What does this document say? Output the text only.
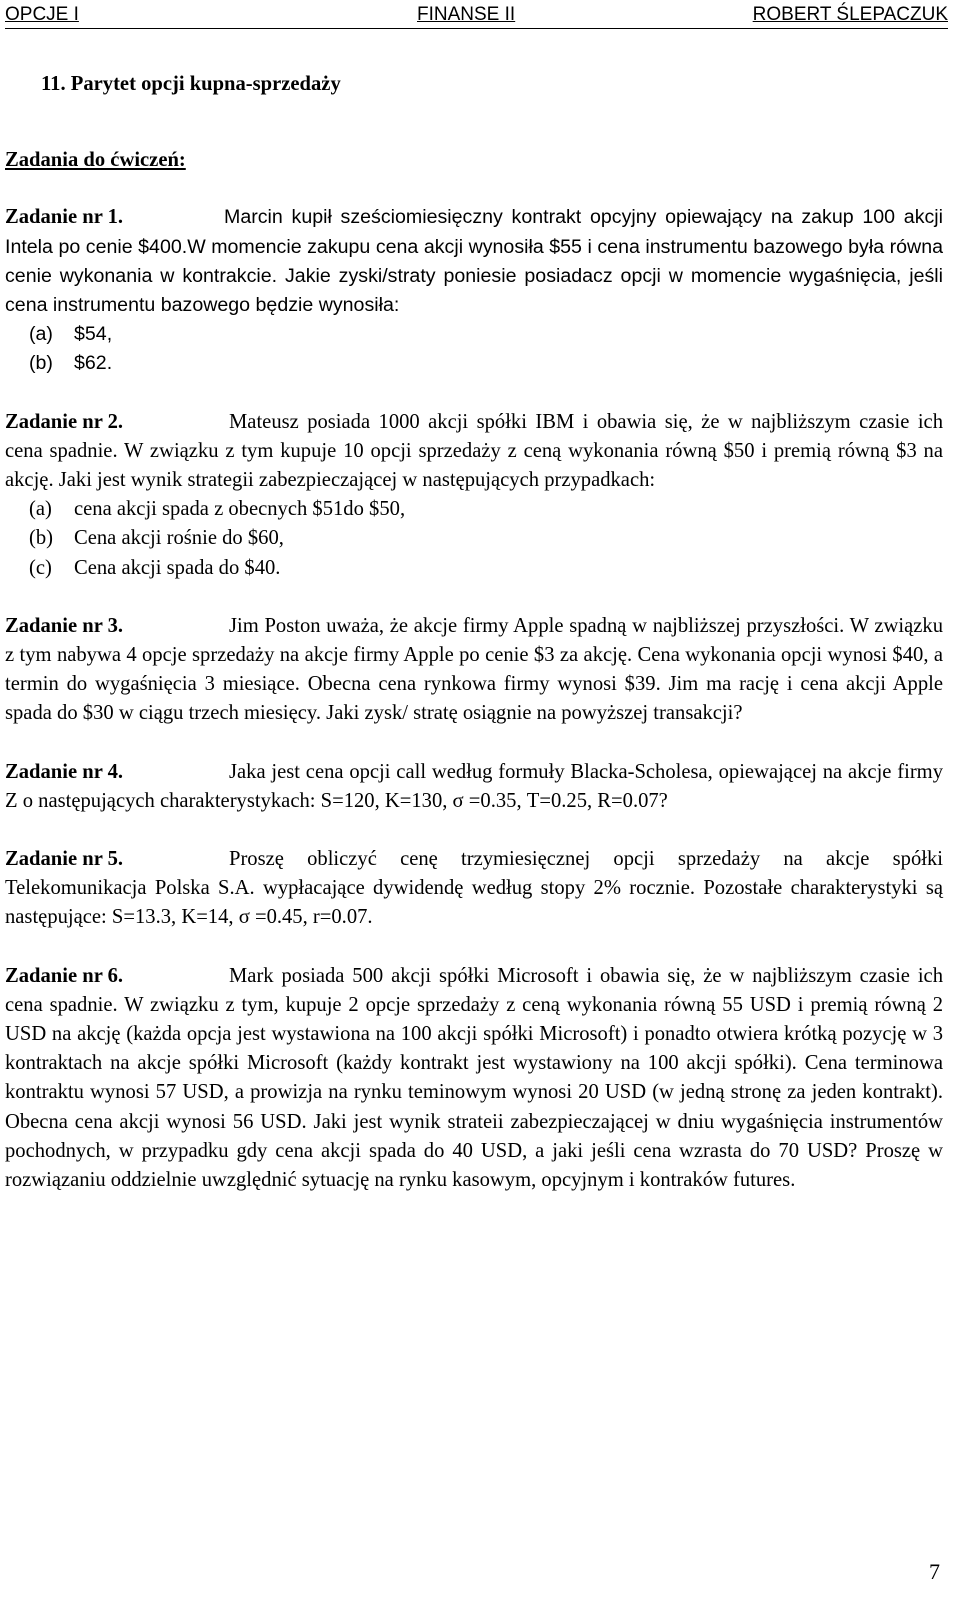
OPCJE I	FINANSE II	ROBERT ŚLEPACZUK
11. Parytet opcji kupna-sprzedaży
Zadania do ćwiczeń:
Zadanie nr 1.	Marcin kupił sześciomiesięczny kontrakt opcyjny opiewający na zakup 100 akcji Intela po cenie $400.W momencie zakupu cena akcji wynosiła $55 i cena instrumentu bazowego była równa cenie wykonania w kontrakcie. Jakie zyski/straty poniesie posiadacz opcji w momencie wygaśnięcia, jeśli cena instrumentu bazowego będzie wynosiła:
(a)	$54,
(b)	$62.
Zadanie nr 2.	Mateusz posiada 1000 akcji spółki IBM i obawia się, że w najbliższym czasie ich cena spadnie. W związku z tym kupuje 10 opcji sprzedaży z ceną wykonania równą $50 i premią równą $3 na akcję. Jaki jest wynik strategii zabezpieczającej w następujących przypadkach:
(a)	cena akcji spada z obecnych $51do $50,
(b)	Cena akcji rośnie do $60,
(c)	Cena akcji spada do $40.
Zadanie nr 3.	Jim Poston uważa, że akcje firmy Apple spadną w najbliższej przyszłości. W związku z tym nabywa 4 opcje sprzedaży na akcje firmy Apple po cenie $3 za akcję. Cena wykonania opcji wynosi $40, a termin do wygaśnięcia 3 miesiące. Obecna cena rynkowa firmy wynosi $39. Jim ma rację i cena akcji Apple spada do $30 w ciągu trzech miesięcy. Jaki zysk/ stratę osiągnie na powyższej transakcji?
Zadanie nr 4.	Jaka jest cena opcji call według formuły Blacka-Scholesa, opiewającej na akcje firmy Z o następujących charakterystykach: S=120, K=130, σ =0.35, T=0.25, R=0.07?
Zadanie nr 5.	Proszę obliczyć cenę trzymiesięcznej opcji sprzedaży na akcje spółki Telekomunikacja Polska S.A. wypłacające dywidendę według stopy 2% rocznie. Pozostałe charakterystyki są następujące: S=13.3, K=14, σ =0.45, r=0.07.
Zadanie nr 6.	Mark posiada 500 akcji spółki Microsoft i obawia się, że w najbliższym czasie ich cena spadnie. W związku z tym, kupuje 2 opcje sprzedaży z ceną wykonania równą 55 USD i premią równą 2 USD na akcję (każda opcja jest wystawiona na 100 akcji spółki Microsoft) i ponadto otwiera krótką pozycję w 3 kontraktach na akcje spółki Microsoft (każdy kontrakt jest wystawiony na 100 akcji spółki). Cena terminowa kontraktu wynosi 57 USD, a prowizja na rynku teminowym wynosi 20 USD (w jedną stronę za jeden kontrakt). Obecna cena akcji wynosi 56 USD. Jaki jest wynik strateii zabezpieczającej w dniu wygaśnięcia instrumentów pochodnych, w przypadku gdy cena akcji spada do 40 USD, a jaki jeśli cena wzrasta do 70 USD? Proszę w rozwiązaniu oddzielnie uwzględnić sytuację na rynku kasowym, opcyjnym i kontraków futures.
7
